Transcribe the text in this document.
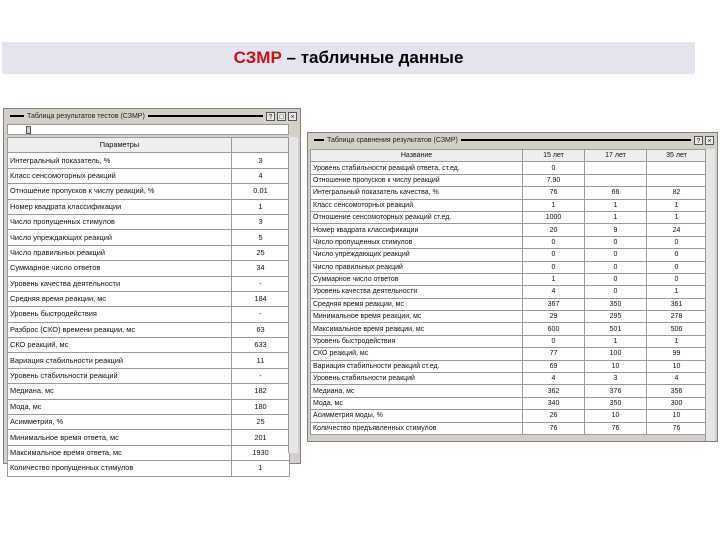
СЗМР – табличные данные
Таблица результатов тестов (СЗМР)	? □ ×
Параметры	
Интегральный показатель, %	3
Класс сенсомоторных реакций	4
Отношение пропусков к числу реакций, %	0.01
Номер квадрата классификации	1
Число пропущенных стимулов	3
Число упреждающих реакций	5
Число правильных реакций	25
Суммарное число ответов	34
Уровень качества деятельности	-
Средняя время реакции, мс	184
Уровень быстродействия	-
Разброс (СКО) времени реакции, мс	63
СКО реакций, мс	633
Вариация стабильности реакций	11
Уровень стабильности реакций	-
Медиана, мс	182
Мода, мс	180
Асимметрия, %	25
Минимальное время ответа, мс	201
Максимальное время ответа, мс	1930
Количество пропущенных стимулов	1
Таблица сравнения результатов (СЗМР)	?	×
Название	15 лет	17 лет	35 лет
Уровень стабильности реакций ответа, ст.ед.	0		
Отношение пропусков к числу реакций	7.90		
Интегральный показатель качества, %	76	66	82
Класс сенсомоторных реакций	1	1	1
Отношение сенсомоторных реакций ст.ед.	1000	1	1
Номер квадрата классификации	20	9	24
Число пропущенных стимулов	0	0	0
Число упреждающих реакций	0	0	0
Число правильных реакций	0	0	0
Суммарное число ответов	1	0	0
Уровень качества деятельности	4	0	1
Средняя время реакции, мс	367	350	361
Минимальное время реакции, мс	29	295	278
Максимальное время реакции, мс	600	501	506
Уровень быстродействия	0	1	1
СКО реакций, мс	77	100	99
Вариация стабильности реакций ст.ед.	69	10	10
Уровень стабильности реакций	4	3	4
Медиана, мс	362	376	356
Мода, мс	340	350	300
Асимметрия моды, %	26	10	10
Количество предъявленных стимулов	76	76	76
